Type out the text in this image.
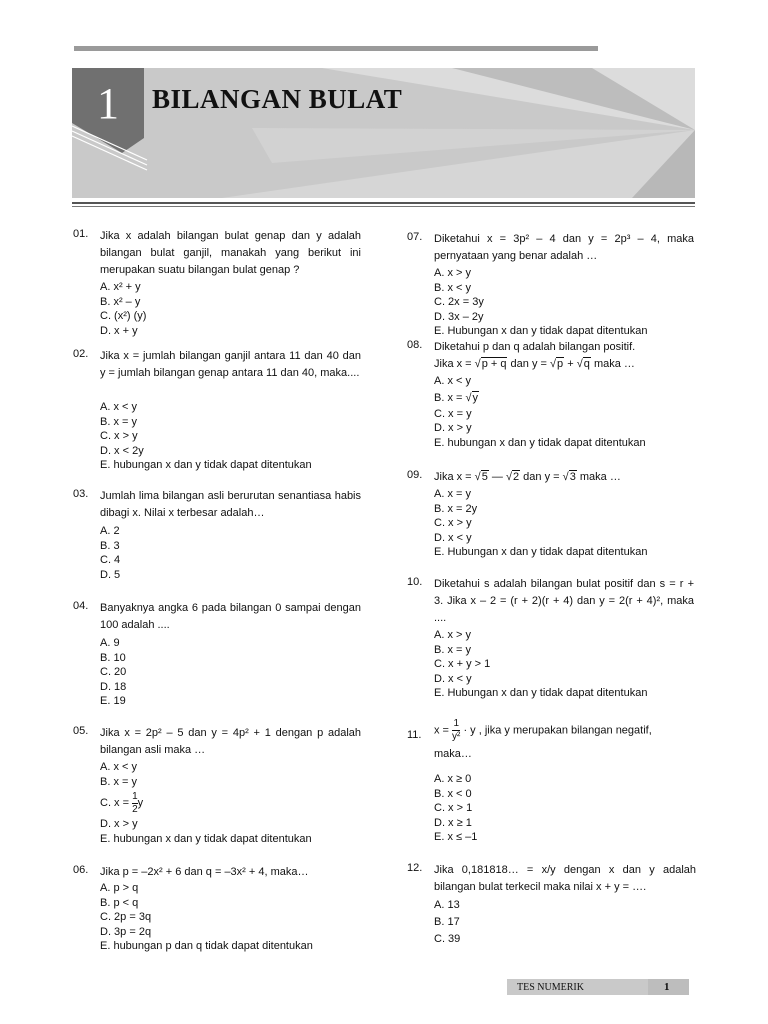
1	BILANGAN BULAT
01. Jika x adalah bilangan bulat genap dan y adalah bilangan bulat ganjil, manakah yang berikut ini merupakan suatu bilangan bulat genap ?
A. x² + y
B. x² – y
C. (x²) (y)
D. x + y
02. Jika x = jumlah bilangan ganjil antara 11 dan 40 dan y = jumlah bilangan genap antara 11 dan 40, maka....
A. x < y
B. x = y
C. x > y
D. x < 2y
E. hubungan x dan y tidak dapat ditentukan
03. Jumlah lima bilangan asli berurutan senantiasa habis dibagi x. Nilai x terbesar adalah…
A. 2
B. 3
C. 4
D. 5
04. Banyaknya angka 6 pada bilangan 0 sampai dengan 100 adalah ....
A. 9
B. 10
C. 20
D. 18
E. 19
05. Jika x = 2p² – 5 dan y = 4p² + 1 dengan p adalah bilangan asli maka …
A. x < y
B. x = y
C. $x = \frac{1}{2}$ y
D. x > y
E. hubungan x dan y tidak dapat ditentukan
06. Jika p = –2x² + 6 dan q = –3x² + 4, maka…
A. p > q
B. p < q
C. 2p = 3q
D. 3p = 2q
E. hubungan p dan q tidak dapat ditentukan
07. Diketahui x = 3p² – 4 dan y = 2p³ – 4, maka pernyataan yang benar adalah …
A. x > y
B. x < y
C. 2x = 3y
D. 3x – 2y
E. Hubungan x dan y tidak dapat ditentukan
08. Diketahui p dan q adalah bilangan positif.
Jika x = √p + q dan y = √p + √q maka …
A. x < y
B. x = √y
C. x = y
D. x > y
E. hubungan x dan y tidak dapat ditentukan
09. Jika x = √5 — √2 dan y = √3 maka …
A. x = y
B. x = 2y
C. x > y
D. x < y
E. Hubungan x dan y tidak dapat ditentukan
10. Diketahui s adalah bilangan bulat positif dan s = r + 3. Jika x – 2 = (r + 2)(r + 4) dan y = 2(r + 4)², maka ....
A. x > y
B. x = y
C. x + y > 1
D. x < y
E. Hubungan x dan y tidak dapat ditentukan
11. $x = \frac{1}{\text{y²}} \cdot y$ , jika y merupakan bilangan negatif,
maka…
A. x ≥ 0
B. x < 0
C. x > 1
D. x ≥ 1
E. x ≤ –1
12. Jika 0,181818… = x/y dengan x dan y adalah bilangan bulat terkecil maka nilai x + y = ….
A. 13
B. 17
C. 39
TES NUMERIK	1
